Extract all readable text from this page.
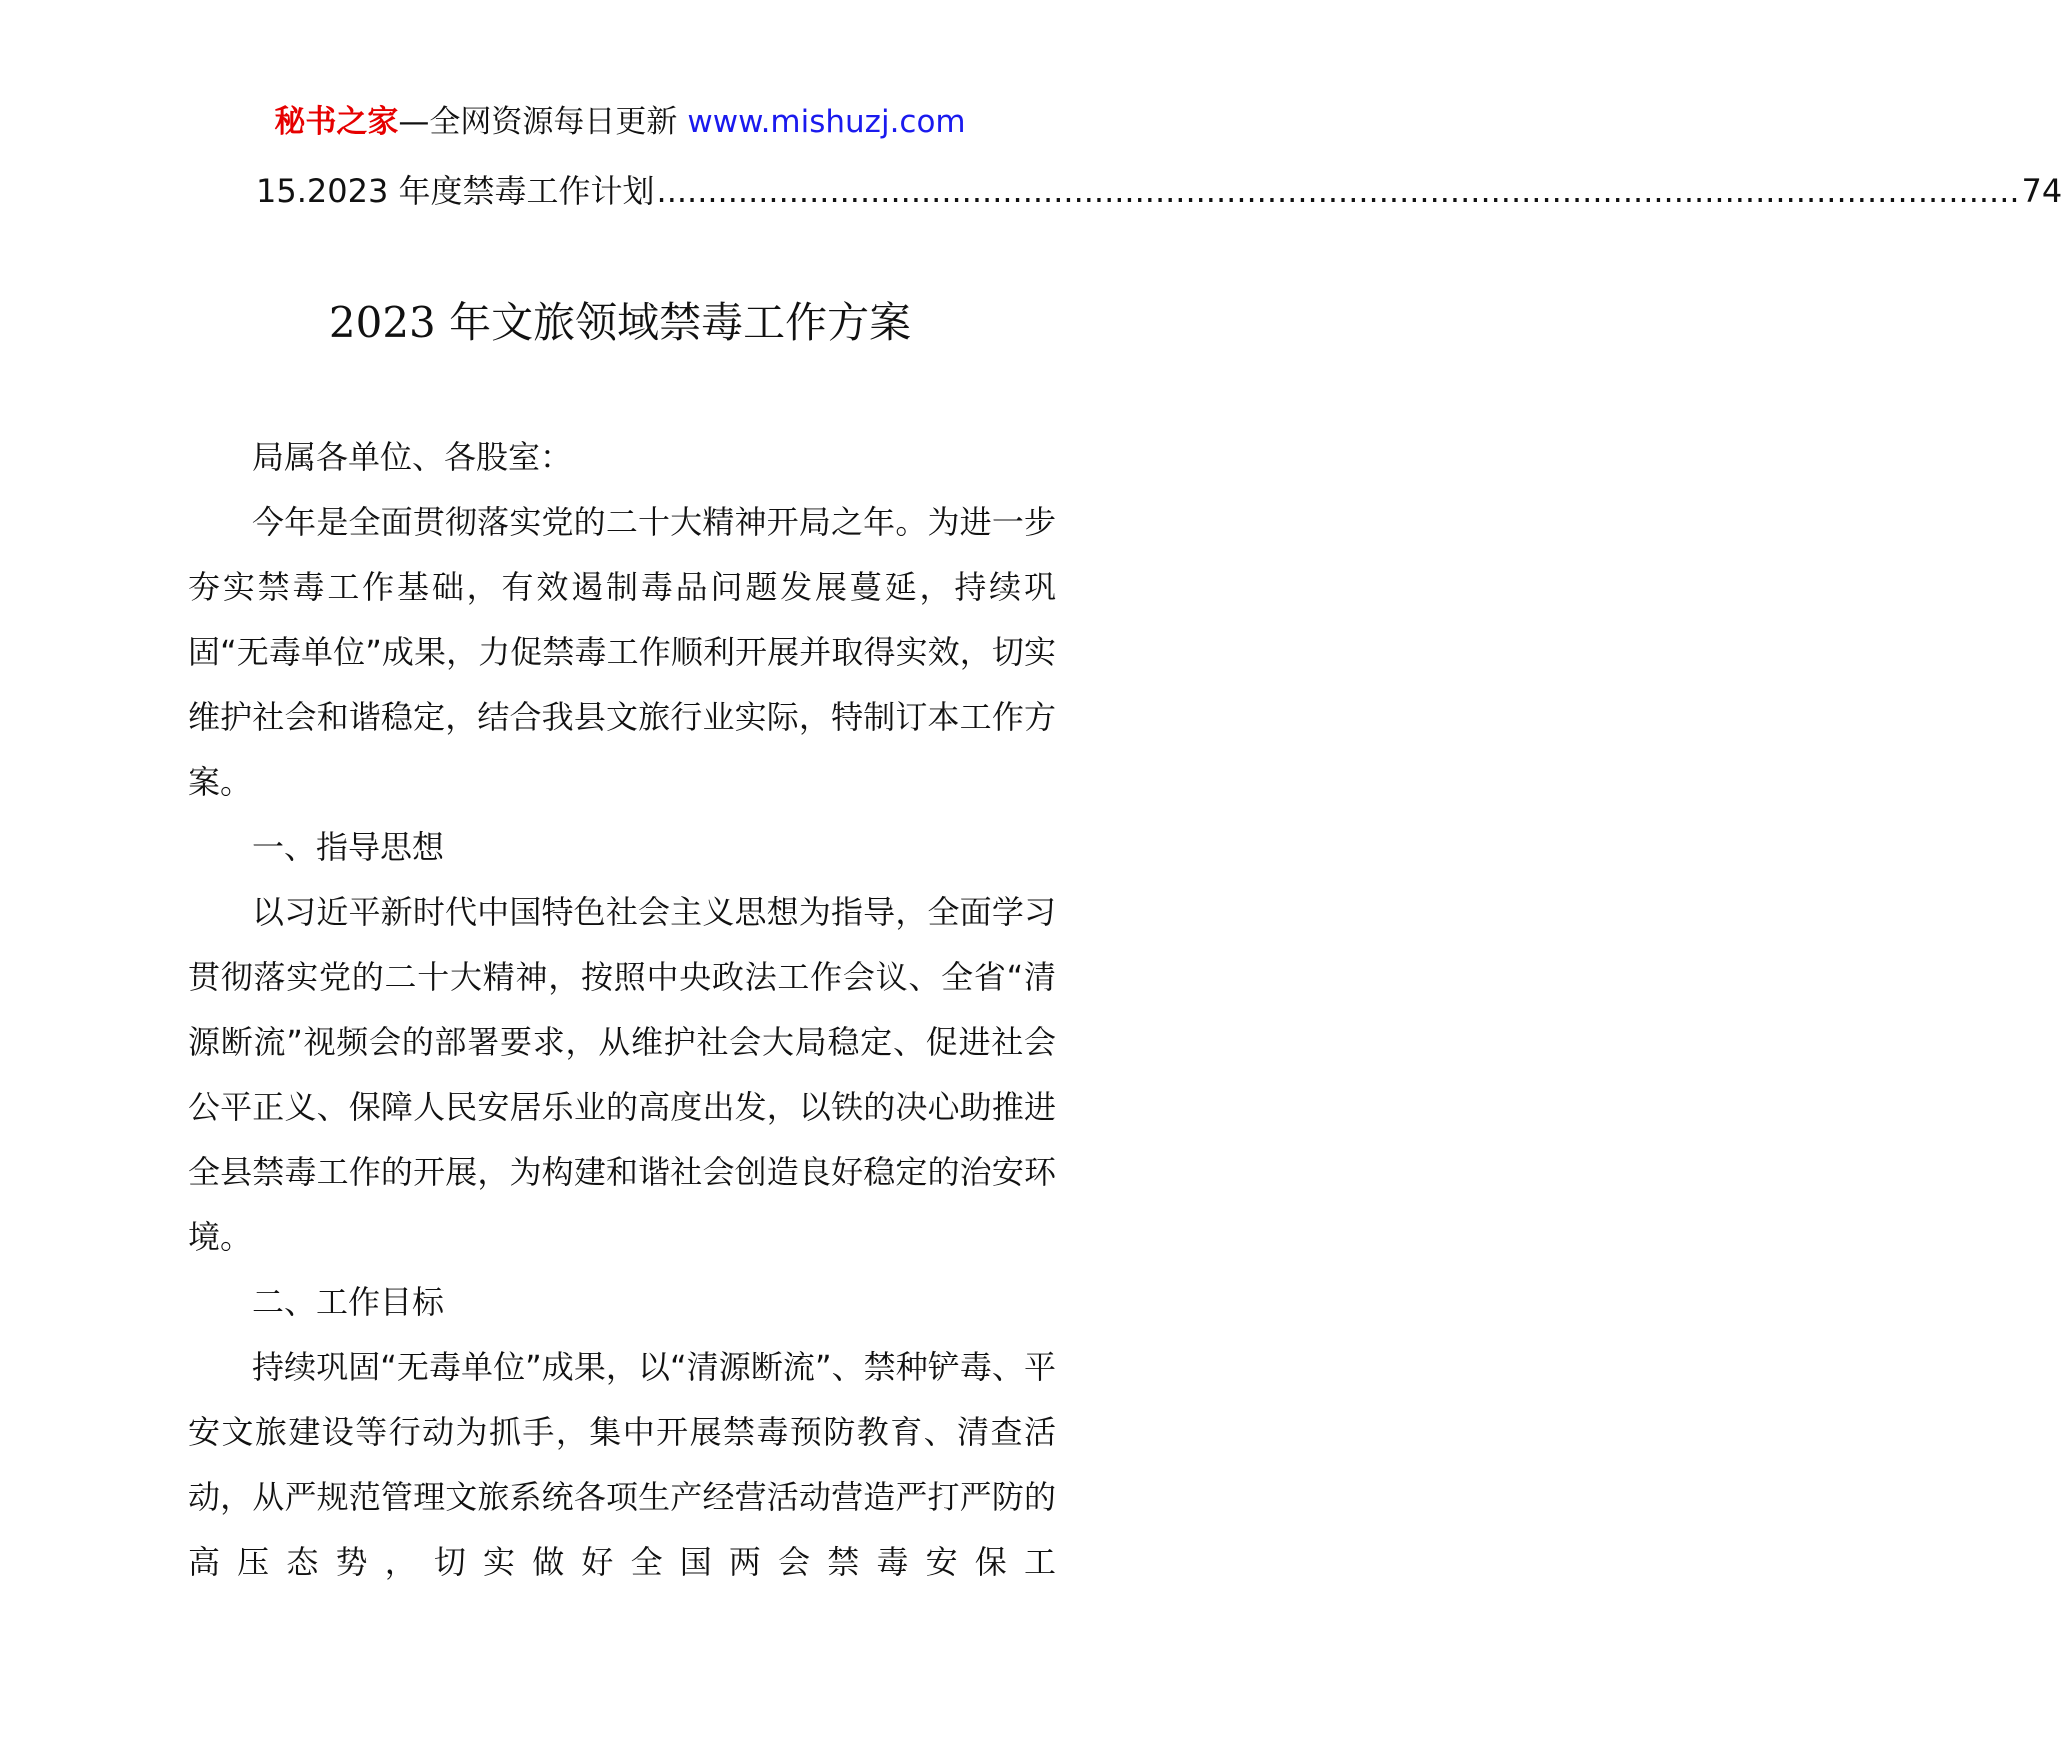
秘书之家—全网资源每日更新 www.mishuzj.com
15.2023 年度禁毒工作计划 ...................................................................................................................................... 74
2023 年文旅领域禁毒工作方案

局属各单位、各股室：

今年是全面贯彻落实党的二十大精神开局之年。为进一步夯实禁毒工作基础，有效遏制毒品问题发展蔓延，持续巩固“无毒单位”成果，力促禁毒工作顺利开展并取得实效，切实维护社会和谐稳定，结合我县文旅行业实际，特制订本工作方案。

一、指导思想

以习近平新时代中国特色社会主义思想为指导，全面学习贯彻落实党的二十大精神，按照中央政法工作会议、全省“清源断流”视频会的部署要求，从维护社会大局稳定、促进社会公平正义、保障人民安居乐业的高度出发，以铁的决心助推进全县禁毒工作的开展，为构建和谐社会创造良好稳定的治安环境。

二、工作目标

持续巩固“无毒单位”成果，以“清源断流”、禁种铲毒、平安文旅建设等行动为抓手，集中开展禁毒预防教育、清查活动，从严规范管理文旅系统各项生产经营活动营造严打严防的高压态势，切实做好全国两会禁毒安保工
